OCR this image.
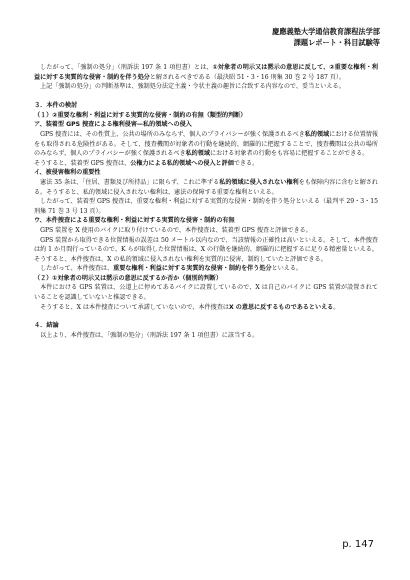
慶應義塾大学通信教育課程法学部
課題レポート・科目試験等

したがって、「強制の処分」（刑訴法 197 条 1 項但書）とは、①対象者の明示又は黙示の意思に反して、②重要な権利・利益に対する実質的な侵害・制約を伴う処分と解されるべきである（最決昭 51・3・16 刑集 30 巻 2 号 187 頁）。

上記「強制の処分」の判断基準は、強制処分法定主義・令状主義の趣旨に合致する内容なので、妥当といえる。

３．本件の検討
（１）②重要な権利・利益に対する実質的な侵害・制約の有無（類型的判断）
ア、装着型 GPS 捜査による権利侵害—私的領域への侵入

GPS 捜査には、その性質上、公共の場所のみならず、個人のプライバシーが強く保護されるべき私的領域における位置情報をも取得される危険性がある。そして、捜査機関が対象者の行動を継続的、網羅的に把握することで、捜査機関は公共の場所のみならず、個人のプライバシーが強く保護されるべき私的領域における対象者の行動をも容易に把握することができる。

そうすると、装着型 GPS 捜査は、公権力による私的領域への侵入と評価できる。

イ、被侵害権利の重要性

憲法 35 条は、「住居、書類及び所持品」に限らず、これに準ずる私的領域に侵入されない権利をも保障内容に含むと解される。そうすると、私的領域に侵入されない権利は、憲法の保障する重要な権利といえる。

したがって、装着型 GPS 捜査は、重要な権利・利益に対する実質的な侵害・制約を伴う処分といえる（最判平 29・3・15 刑集 71 巻 3 号 13 頁）。

ウ、本件捜査による重要な権利・利益に対する実質的な侵害・制約の有無

GPS 装置を X 使用のバイクに取り付けているので、本件捜査は、装着型 GPS 捜査と評価できる。

GPS 装置から取得できる位置情報の誤差は 50 メートル以内なので、当該情報の正確性は高いといえる。そして、本件捜査は約 1 か月間行っているので、K らが取得した位置情報は、X の行動を継続的、網羅的に把握するに足りる精密量といえる。そうすると、本件捜査は、X の私的領域に侵入されない権利を実質的に侵害、制約していたと評価できる。

したがって、本件捜査は、重要な権利・利益に対する実質的な侵害・制約を伴う処分といえる。

（２）①対象者の明示又は黙示の意思に反するか否か（個別的判断）

本件における GPS 装置は、公道上に停めてあるバイクに設置しているので、X は自己のバイクに GPS 装置が設置されていることを認識していないと推認できる。

そうすると、X は本件捜査について承諾していないので、本件捜査はX の意思に反するものであるといえる。

４．結論

以上より、本件捜査は、「強制の処分」（刑訴法 197 条 1 項但書）に該当する。

p. 147
